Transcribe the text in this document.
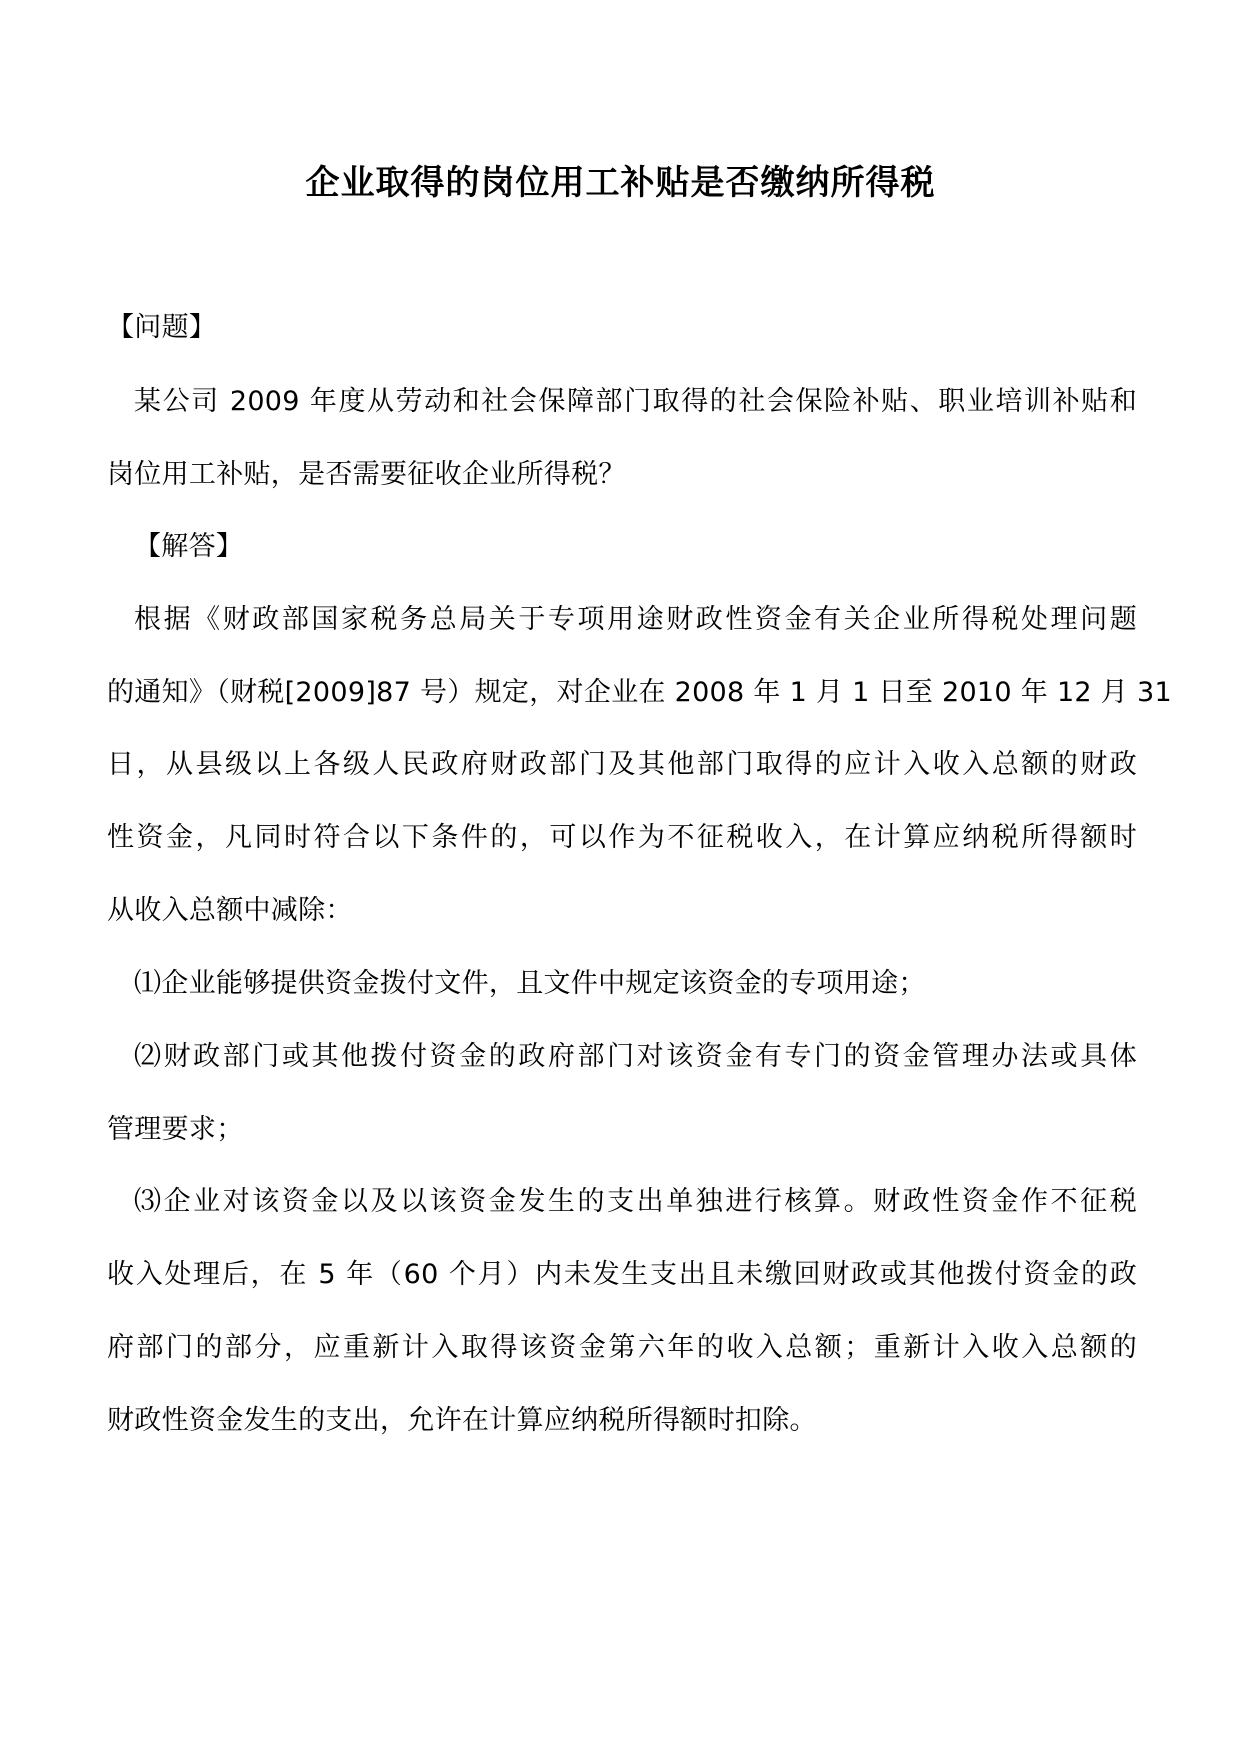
企业取得的岗位用工补贴是否缴纳所得税
【问题】
某公司 2009 年度从劳动和社会保障部门取得的社会保险补贴、职业培训补贴和
岗位用工补贴，是否需要征收企业所得税？
【解答】
根据《财政部国家税务总局关于专项用途财政性资金有关企业所得税处理问题
的通知》（财税[2009]87 号）规定，对企业在 2008 年 1 月 1 日至 2010 年 12 月 31
日，从县级以上各级人民政府财政部门及其他部门取得的应计入收入总额的财政
性资金，凡同时符合以下条件的，可以作为不征税收入，在计算应纳税所得额时
从收入总额中减除：
⑴企业能够提供资金拨付文件，且文件中规定该资金的专项用途；
⑵财政部门或其他拨付资金的政府部门对该资金有专门的资金管理办法或具体
管理要求；
⑶企业对该资金以及以该资金发生的支出单独进行核算。财政性资金作不征税
收入处理后，在 5 年（60 个月）内未发生支出且未缴回财政或其他拨付资金的政
府部门的部分，应重新计入取得该资金第六年的收入总额；重新计入收入总额的
财政性资金发生的支出，允许在计算应纳税所得额时扣除。
